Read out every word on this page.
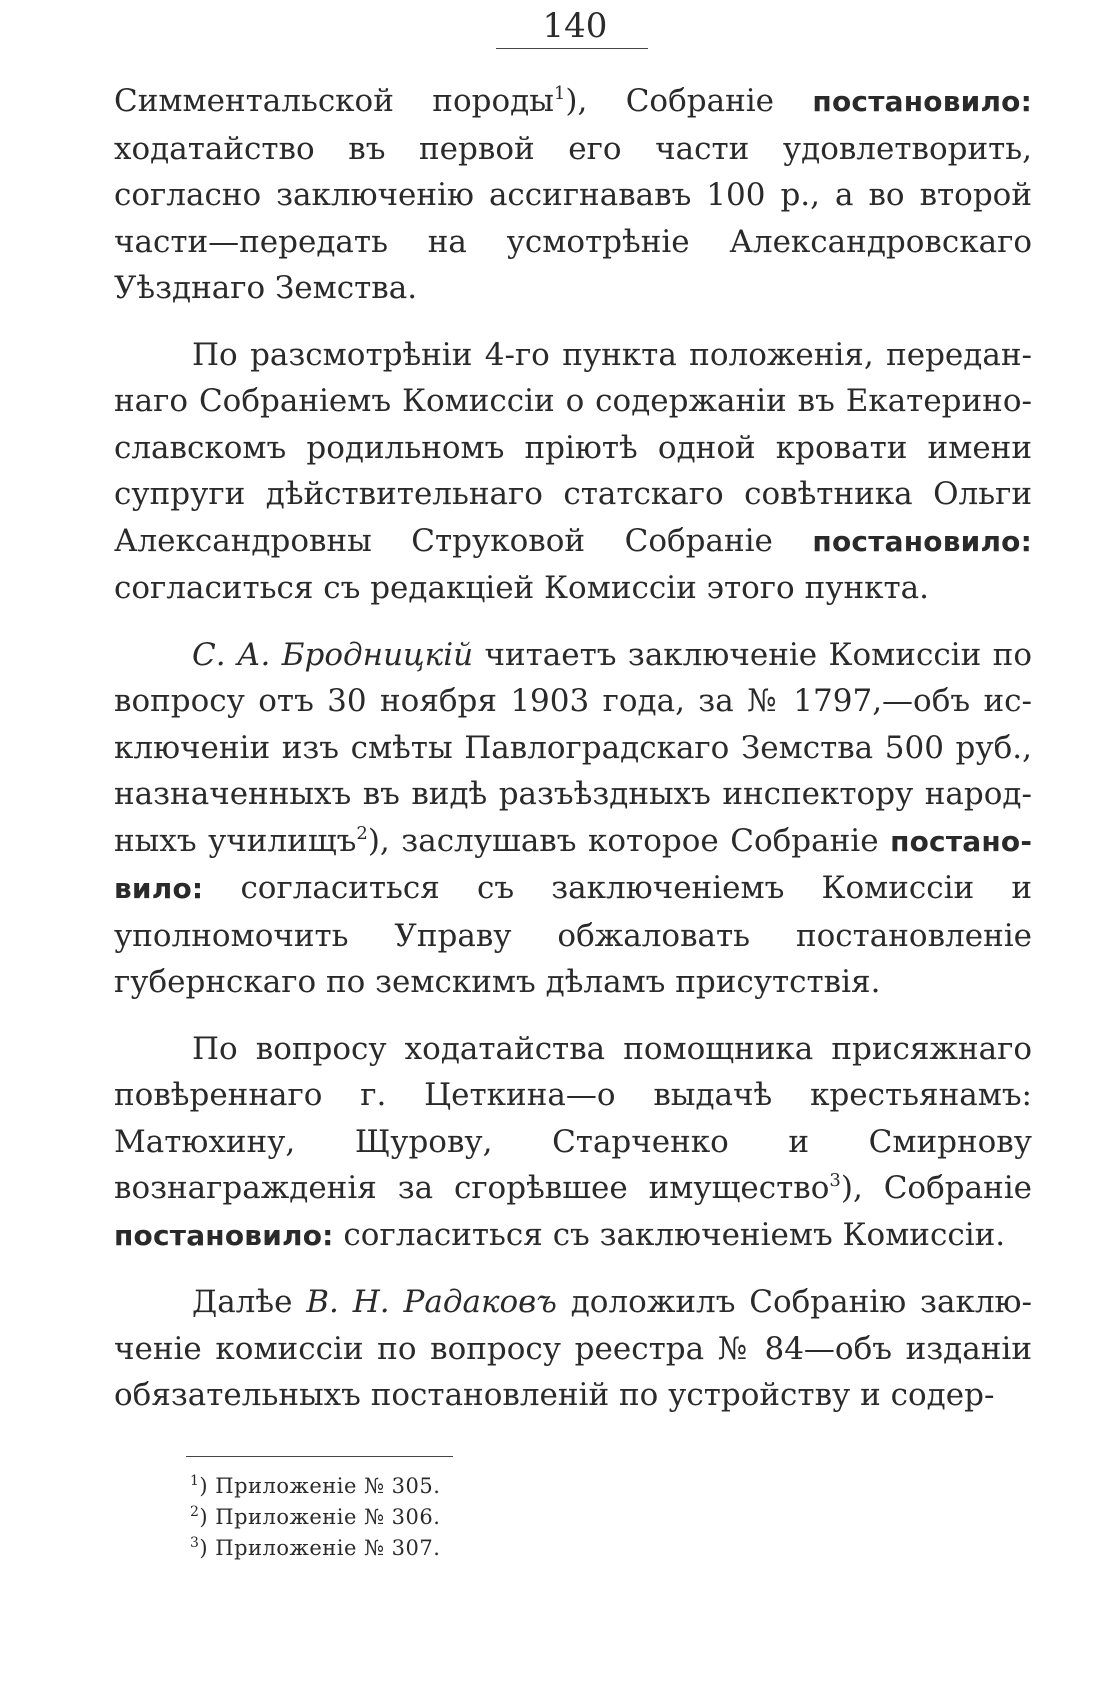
140

Симментальской породы$^1$), Собраніе постановило: ходатайство въ первой его части удовлетворить, согласно заключенію ассигнававъ 100 р., а во второй части—передать на усмотрѣніе Александровскаго Уѣзднаго Земства.

По разсмотрѣніи 4-го пункта положенія, переданнаго Собраніемъ Комиссіи о содержаніи въ Екатеринославскомъ родильномъ пріютѣ одной кровати имени супруги дѣйствительнаго статскаго совѣтника Ольги Александровны Струковой Собраніе постановило: согласиться съ редакціей Комиссіи этого пункта.

С. А. Бродницкій читаетъ заключеніе Комиссіи по вопросу отъ 30 ноября 1903 года, за № 1797,—объ исключеніи изъ смѣты Павлоградскаго Земства 500 руб., назначенныхъ въ видѣ разъѣздныхъ инспектору народныхъ училищъ$^2$), заслушавъ которое Собраніе постановило: согласиться съ заключеніемъ Комиссіи и уполномочить Управу обжаловать постановленіе губернскаго по земскимъ дѣламъ присутствія.

По вопросу ходатайства помощника присяжнаго повѣреннаго г. Цеткина—о выдачѣ крестьянамъ: Матюхину, Щурову, Старченко и Смирнову вознагражденія за сгорѣвшее имущество$^3$), Собраніе постановило: согласиться съ заключеніемъ Комиссіи.

Далѣе В. Н. Радаковъ доложилъ Собранію заключеніе комиссіи по вопросу реестра № 84—объ изданіи обязательныхъ постановленій по устройству и содер-

$^1$) Приложеніе № 305.
$^2$) Приложеніе № 306.
$^3$) Приложеніе № 307.
